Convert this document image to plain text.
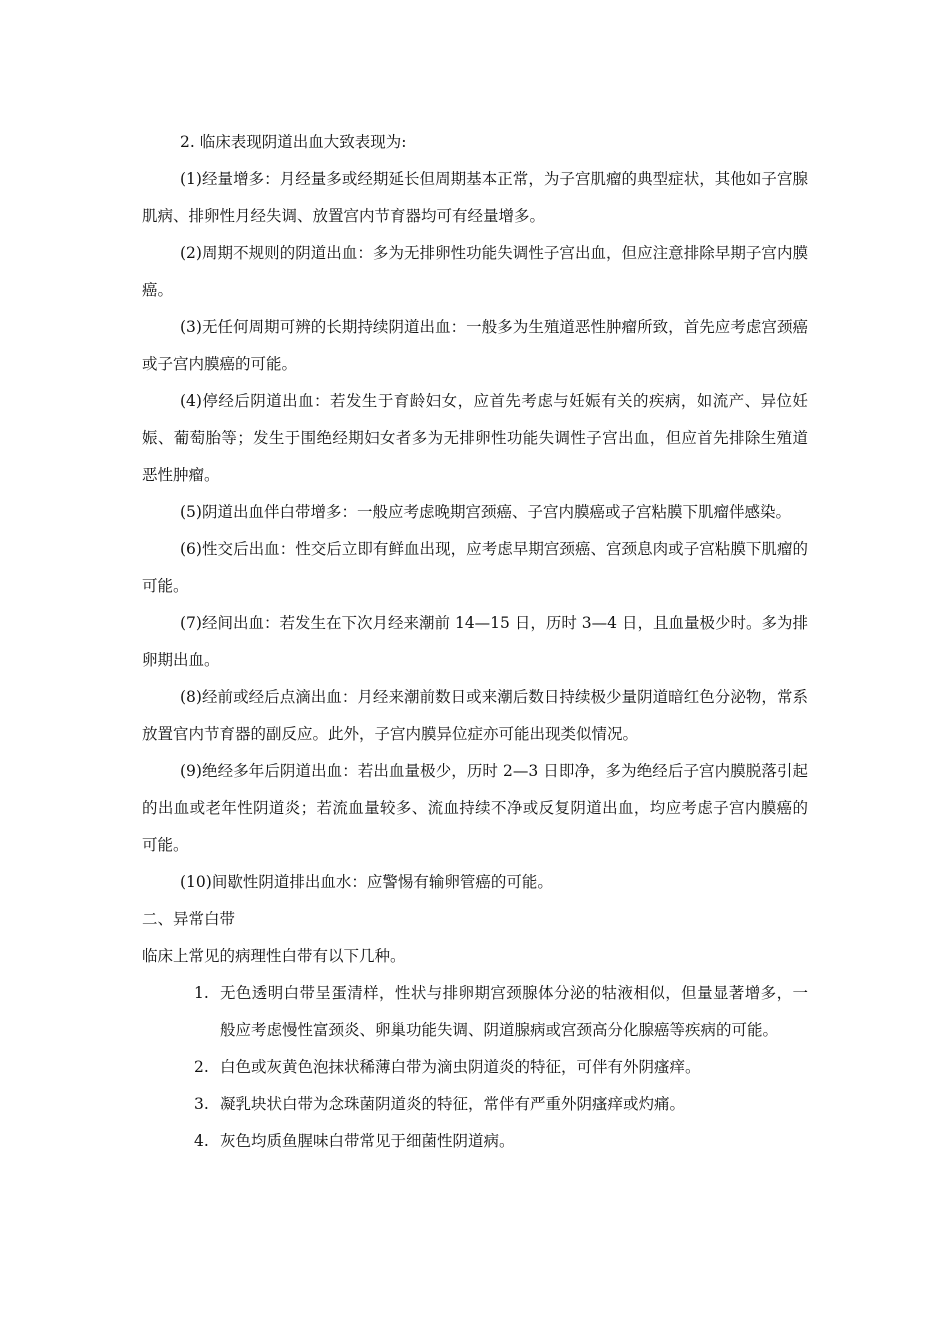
2. 临床表现阴道出血大致表现为:

(1)经量增多：月经量多或经期延长但周期基本正常，为子宫肌瘤的典型症状，其他如子宫腺肌病、排卵性月经失调、放置宫内节育器均可有经量增多。

(2)周期不规则的阴道出血：多为无排卵性功能失调性子宫出血，但应注意排除早期子宫内膜癌。

(3)无任何周期可辨的长期持续阴道出血：一般多为生殖道恶性肿瘤所致，首先应考虑宫颈癌或子宫内膜癌的可能。

(4)停经后阴道出血：若发生于育龄妇女，应首先考虑与妊娠有关的疾病，如流产、异位妊娠、葡萄胎等；发生于围绝经期妇女者多为无排卵性功能失调性子宫出血，但应首先排除生殖道恶性肿瘤。

(5)阴道出血伴白带增多：一般应考虑晚期宫颈癌、子宫内膜癌或子宫粘膜下肌瘤伴感染。

(6)性交后出血：性交后立即有鲜血出现，应考虑早期宫颈癌、宫颈息肉或子宫粘膜下肌瘤的可能。

(7)经间出血：若发生在下次月经来潮前 14—15 日，历时 3—4 日，且血量极少时。多为排卵期出血。

(8)经前或经后点滴出血：月经来潮前数日或来潮后数日持续极少量阴道暗红色分泌物，常系放置官内节育器的副反应。此外，子宫内膜异位症亦可能出现类似情况。

(9)绝经多年后阴道出血：若出血量极少，历时 2—3 日即净，多为绝经后子宫内膜脱落引起的出血或老年性阴道炎；若流血量较多、流血持续不净或反复阴道出血，均应考虑子宫内膜癌的可能。

(10)间歇性阴道排出血水：应警惕有输卵管癌的可能。

二、异常白带

临床上常见的病理性白带有以下几种。

1. 无色透明白带呈蛋清样，性状与排卵期宫颈腺体分泌的牯液相似，但量显著增多，一般应考虑慢性富颈炎、卵巢功能失调、阴道腺病或宫颈高分化腺癌等疾病的可能。
2. 白色或灰黄色泡抹状稀薄白带为滴虫阴道炎的特征，可伴有外阴瘙痒。
3. 凝乳块状白带为念珠菌阴道炎的特征，常伴有严重外阴瘙痒或灼痛。
4. 灰色均质鱼腥味白带常见于细菌性阴道病。
